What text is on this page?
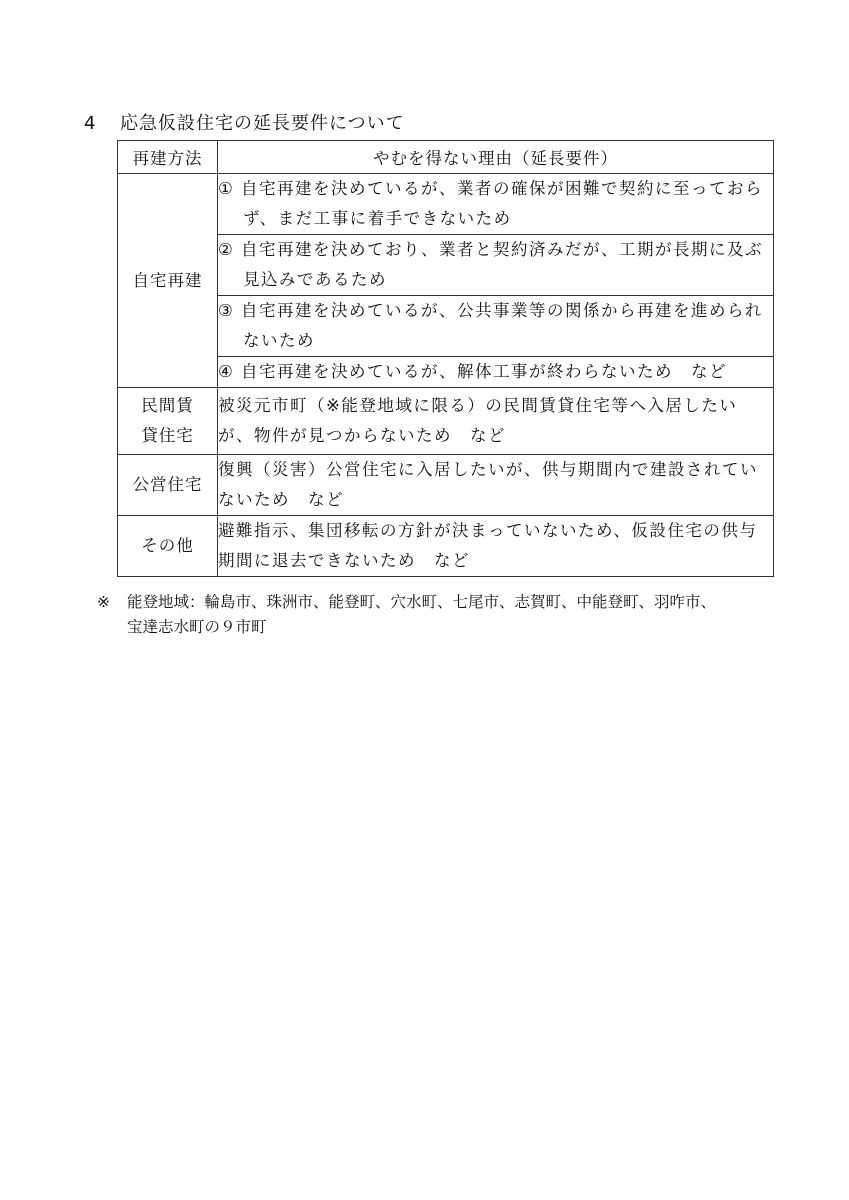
4 応急仮設住宅の延長要件について
再建方法	やむを得ない理由（延長要件）
自宅再建	① 自宅再建を決めているが、業者の確保が困難で契約に至っておらず、まだ工事に着手できないため

	② 自宅再建を決めており、業者と契約済みだが、工期が長期に及ぶ見込みであるため

	③ 自宅再建を決めているが、公共事業等の関係から再建を進められないため

	④ 自宅再建を決めているが、解体工事が終わらないため　など

民間賃貸住宅	被災元市町（※能登地域に限る）の民間賃貸住宅等へ入居したいが、物件が見つからないため　など
公営住宅	復興（災害）公営住宅に入居したいが、供与期間内で建設されていないため　など
その他	避難指示、集団移転の方針が決まっていないため、仮設住宅の供与期間に退去できないため　など
※ 能登地域：輪島市、珠洲市、能登町、穴水町、七尾市、志賀町、中能登町、羽咋市、
宝達志水町の９市町
